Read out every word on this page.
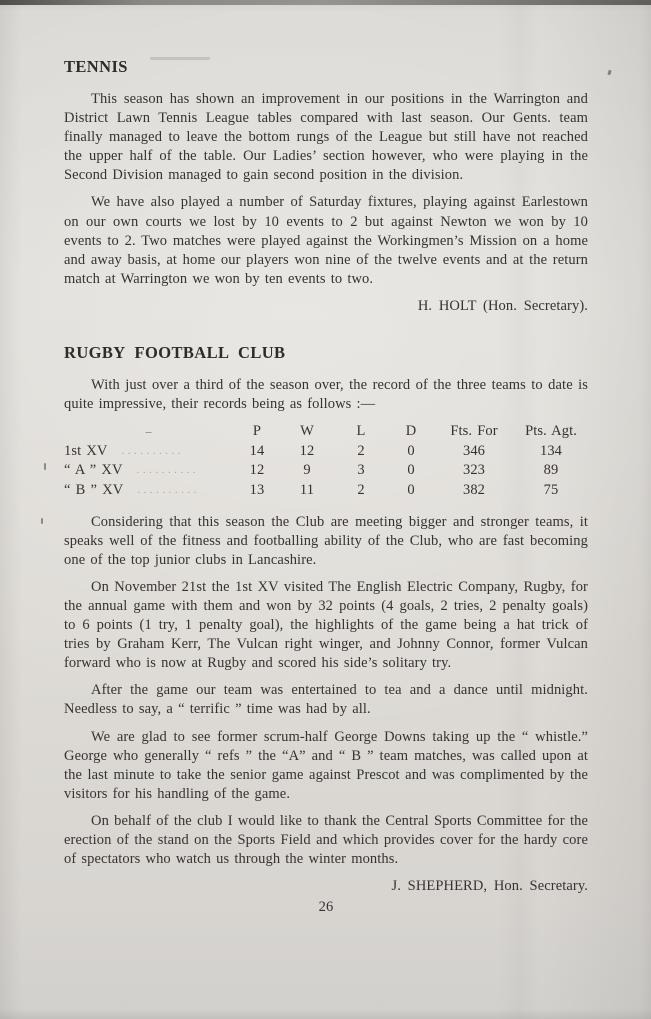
TENNIS

This season has shown an improvement in our positions in the Warrington and District Lawn Tennis League tables compared with last season. Our Gents. team finally managed to leave the bottom rungs of the League but still have not reached the upper half of the table. Our Ladies’ section however, who were playing in the Second Division managed to gain second position in the division.

We have also played a number of Saturday fixtures, playing against Earlestown on our own courts we lost by 10 events to 2 but against Newton we won by 10 events to 2. Two matches were played against the Workingmen’s Mission on a home and away basis, at home our players won nine of the twelve events and at the return match at Warrington we won by ten events to two.

H. HOLT (Hon. Secretary).

RUGBY FOOTBALL CLUB

With just over a third of the season over, the record of the three teams to date is quite impressive, their records being as follows :—

–	P	W	L	D	Fts. For	Pts. Agt.
1st XV ..........	14	12	2	0	346	134
“ A ” XV ..........	12	9	3	0	323	89
“ B ” XV ..........	13	11	2	0	382	75

Considering that this season the Club are meeting bigger and stronger teams, it speaks well of the fitness and footballing ability of the Club, who are fast becoming one of the top junior clubs in Lancashire.

On November 21st the 1st XV visited The English Electric Company, Rugby, for the annual game with them and won by 32 points (4 goals, 2 tries, 2 penalty goals) to 6 points (1 try, 1 penalty goal), the highlights of the game being a hat trick of tries by Graham Kerr, The Vulcan right winger, and Johnny Connor, former Vulcan forward who is now at Rugby and scored his side’s solitary try.

After the game our team was entertained to tea and a dance until midnight. Needless to say, a “ terrific ” time was had by all.

We are glad to see former scrum-half George Downs taking up the “ whistle.” George who generally “ refs ” the “A” and “ B ” team matches, was called upon at the last minute to take the senior game against Prescot and was complimented by the visitors for his handling of the game.

On behalf of the club I would like to thank the Central Sports Committee for the erection of the stand on the Sports Field and which provides cover for the hardy core of spectators who watch us through the winter months.

J. SHEPHERD, Hon. Secretary.

26
